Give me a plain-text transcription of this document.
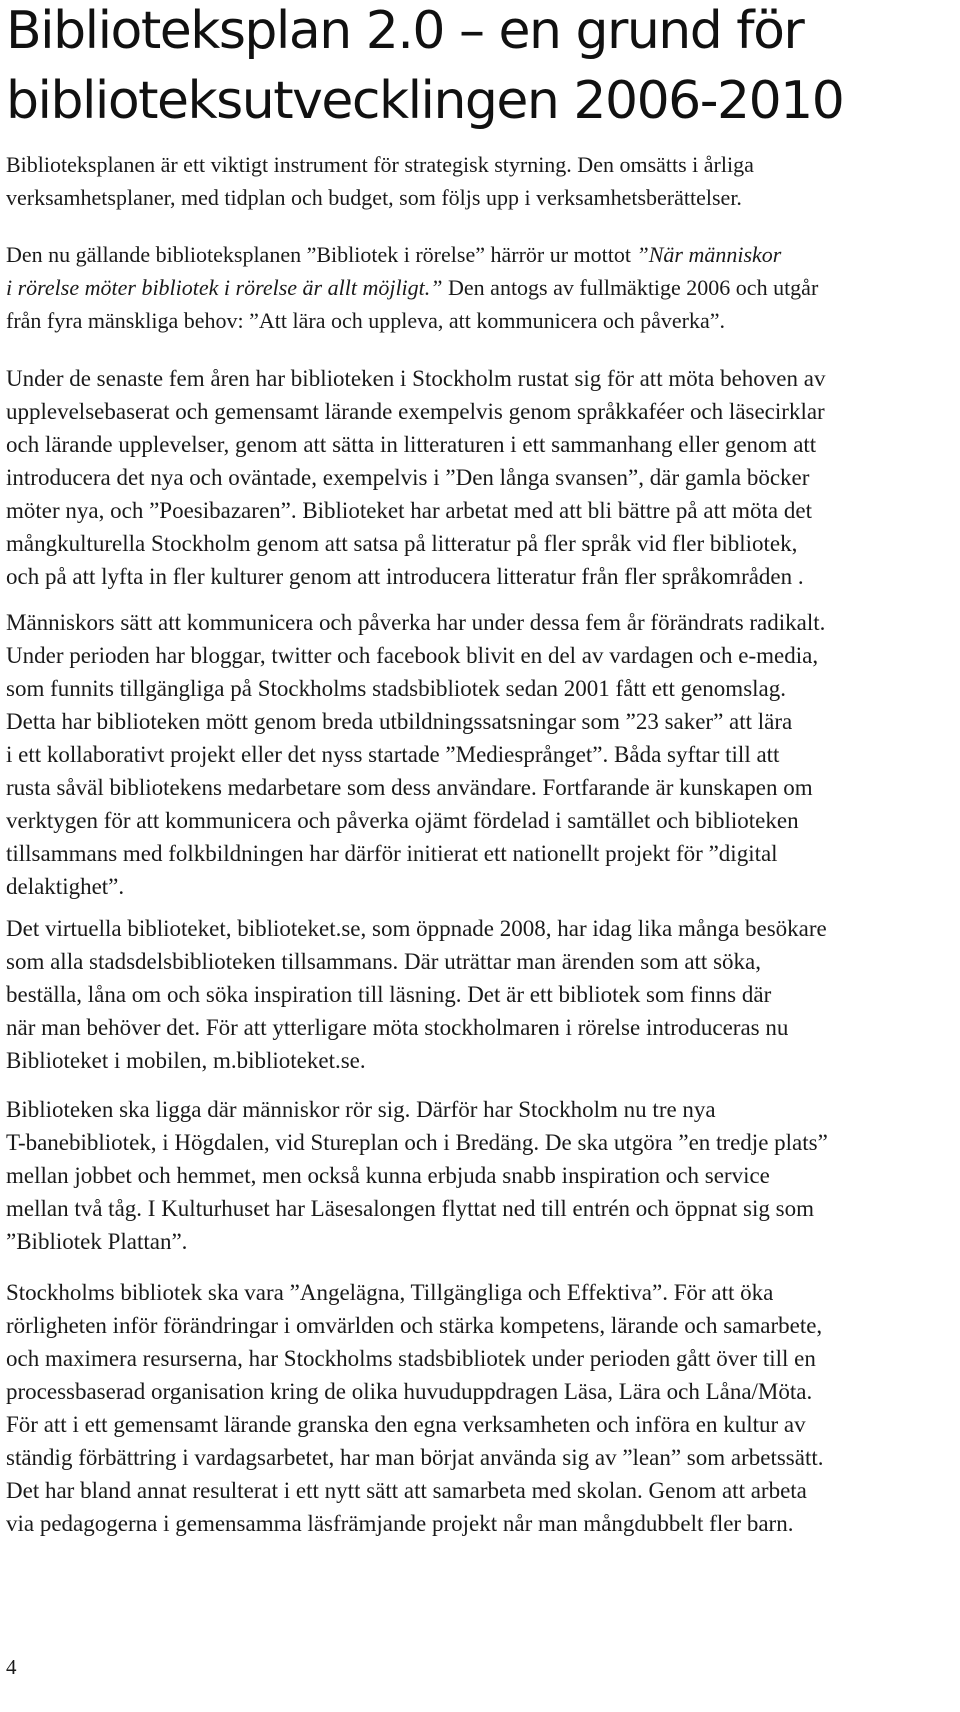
Biblioteksplan 2.0 – en grund för
biblioteksutvecklingen 2006-2010

Biblioteksplanen är ett viktigt instrument för strategisk styrning. Den omsätts i årliga
verksamhetsplaner, med tidplan och budget, som följs upp i verksamhetsberättelser.

Den nu gällande biblioteksplanen ”Bibliotek i rörelse” härrör ur mottot ”När människor
i rörelse möter bibliotek i rörelse är allt möjligt.” Den antogs av fullmäktige 2006 och utgår
från fyra mänskliga behov: ”Att lära och uppleva, att kommunicera och påverka”.

Under de senaste fem åren har biblioteken i Stockholm rustat sig för att möta behoven av
upplevelsebaserat och gemensamt lärande exempelvis genom språkkaféer och läsecirklar
och lärande upplevelser, genom att sätta in litteraturen i ett sammanhang eller genom att
introducera det nya och oväntade, exempelvis i ”Den långa svansen”, där gamla böcker
möter nya, och ”Poesibazaren”. Biblioteket har arbetat med att bli bättre på att möta det
mångkulturella Stockholm genom att satsa på litteratur på fler språk vid fler bibliotek,
och på att lyfta in fler kulturer genom att introducera litteratur från fler språkområden .

Människors sätt att kommunicera och påverka har under dessa fem år förändrats radikalt.
Under perioden har bloggar, twitter och facebook blivit en del av vardagen och e-media,
som funnits tillgängliga på Stockholms stadsbibliotek sedan 2001 fått ett genomslag.
Detta har biblioteken mött genom breda utbildningssatsningar som ”23 saker” att lära
i ett kollaborativt projekt eller det nyss startade ”Mediesprånget”. Båda syftar till att
rusta såväl bibliotekens medarbetare som dess användare. Fortfarande är kunskapen om
verktygen för att kommunicera och påverka ojämt fördelad i samtället och biblioteken
tillsammans med folkbildningen har därför initierat ett nationellt projekt för ”digital
delaktighet”.

Det virtuella biblioteket, biblioteket.se, som öppnade 2008, har idag lika många besökare
som alla stadsdelsbiblioteken tillsammans. Där uträttar man ärenden som att söka,
beställa, låna om och söka inspiration till läsning. Det är ett bibliotek som finns där
när man behöver det. För att ytterligare möta stockholmaren i rörelse introduceras nu
Biblioteket i mobilen, m.biblioteket.se.

Biblioteken ska ligga där människor rör sig. Därför har Stockholm nu tre nya
T-banebibliotek, i Högdalen, vid Stureplan och i Bredäng. De ska utgöra ”en tredje plats”
mellan jobbet och hemmet, men också kunna erbjuda snabb inspiration och service
mellan två tåg. I Kulturhuset har Läsesalongen flyttat ned till entrén och öppnat sig som
”Bibliotek Plattan”.

Stockholms bibliotek ska vara ”Angelägna, Tillgängliga och Effektiva”. För att öka
rörligheten inför förändringar i omvärlden och stärka kompetens, lärande och samarbete,
och maximera resurserna, har Stockholms stadsbibliotek under perioden gått över till en
processbaserad organisation kring de olika huvuduppdragen Läsa, Lära och Låna/Möta.
För att i ett gemensamt lärande granska den egna verksamheten och införa en kultur av
ständig förbättring i vardagsarbetet, har man börjat använda sig av ”lean” som arbetssätt.
Det har bland annat resulterat i ett nytt sätt att samarbeta med skolan. Genom att arbeta
via pedagogerna i gemensamma läsfrämjande projekt når man mångdubbelt fler barn.

4
